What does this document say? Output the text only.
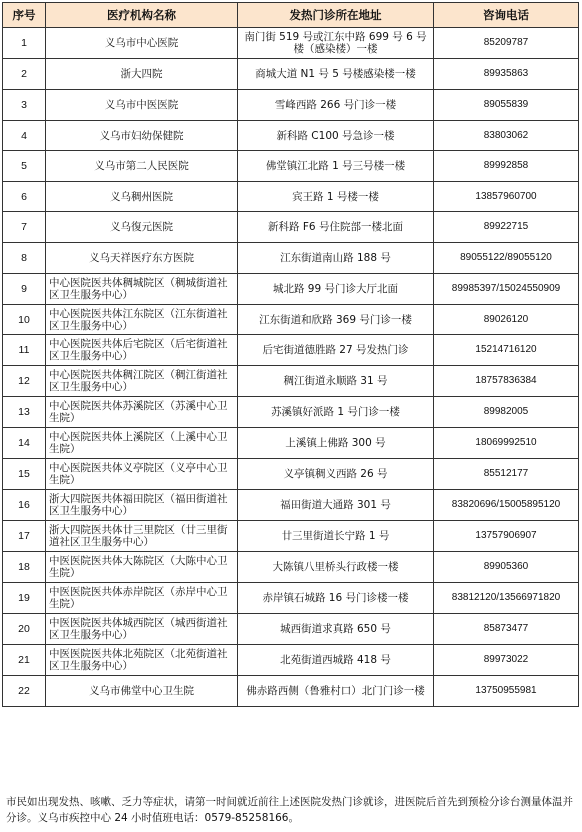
序号	医疗机构名称	发热门诊所在地址	咨询电话
1	义乌市中心医院	南门街 519 号或江东中路 699 号 6 号楼（感染楼）一楼	85209787
2	浙大四院	商城大道 N1 号 5 号楼感染楼一楼	89935863
3	义乌市中医医院	雪峰西路 266 号门诊一楼	89055839
4	义乌市妇幼保健院	新科路 C100 号急诊一楼	83803062
5	义乌市第二人民医院	佛堂镇江北路 1 号三号楼一楼	89992858
6	义乌稠州医院	宾王路 1 号楼一楼	13857960700
7	义乌復元医院	新科路 F6 号住院部一楼北面	89922715
8	义乌天祥医疗东方医院	江东街道南山路 188 号	89055122/89055120
9	中心医院医共体稠城院区（稠城街道社区卫生服务中心）	城北路 99 号门诊大厅北面	89985397/15024550909
10	中心医院医共体江东院区（江东街道社区卫生服务中心）	江东街道和欣路 369 号门诊一楼	89026120
11	中心医院医共体后宅院区（后宅街道社区卫生服务中心）	后宅街道德胜路 27 号发热门诊	15214716120
12	中心医院医共体稠江院区（稠江街道社区卫生服务中心）	稠江街道永顺路 31 号	18757836384
13	中心医院医共体苏溪院区（苏溪中心卫生院）	苏溪镇好派路 1 号门诊一楼	89982005
14	中心医院医共体上溪院区（上溪中心卫生院）	上溪镇上佛路 300 号	18069992510
15	中心医院医共体义亭院区（义亭中心卫生院）	义亭镇稠义西路 26 号	85512177
16	浙大四院医共体福田院区（福田街道社区卫生服务中心）	福田街道大通路 301 号	83820696/15005895120
17	浙大四院医共体廿三里院区（廿三里街道社区卫生服务中心）	廿三里街道长宁路 1 号	13757906907
18	中医医院医共体大陈院区（大陈中心卫生院）	大陈镇八里桥头行政楼一楼	89905360
19	中医医院医共体赤岸院区（赤岸中心卫生院）	赤岸镇石城路 16 号门诊楼一楼	83812120/13566971820
20	中医医院医共体城西院区（城西街道社区卫生服务中心）	城西街道求真路 650 号	85873477
21	中医医院医共体北苑院区（北苑街道社区卫生服务中心）	北苑街道西城路 418 号	89973022
22	义乌市佛堂中心卫生院	佛赤路西侧（鲁雅村口）北门门诊一楼	13750955981
市民如出现发热、咳嗽、乏力等症状，请第一时间就近前往上述医院发热门诊就诊，进医院后首先到预检分诊台测量体温并分诊。义乌市疾控中心 24 小时值班电话：0579-85258166。
